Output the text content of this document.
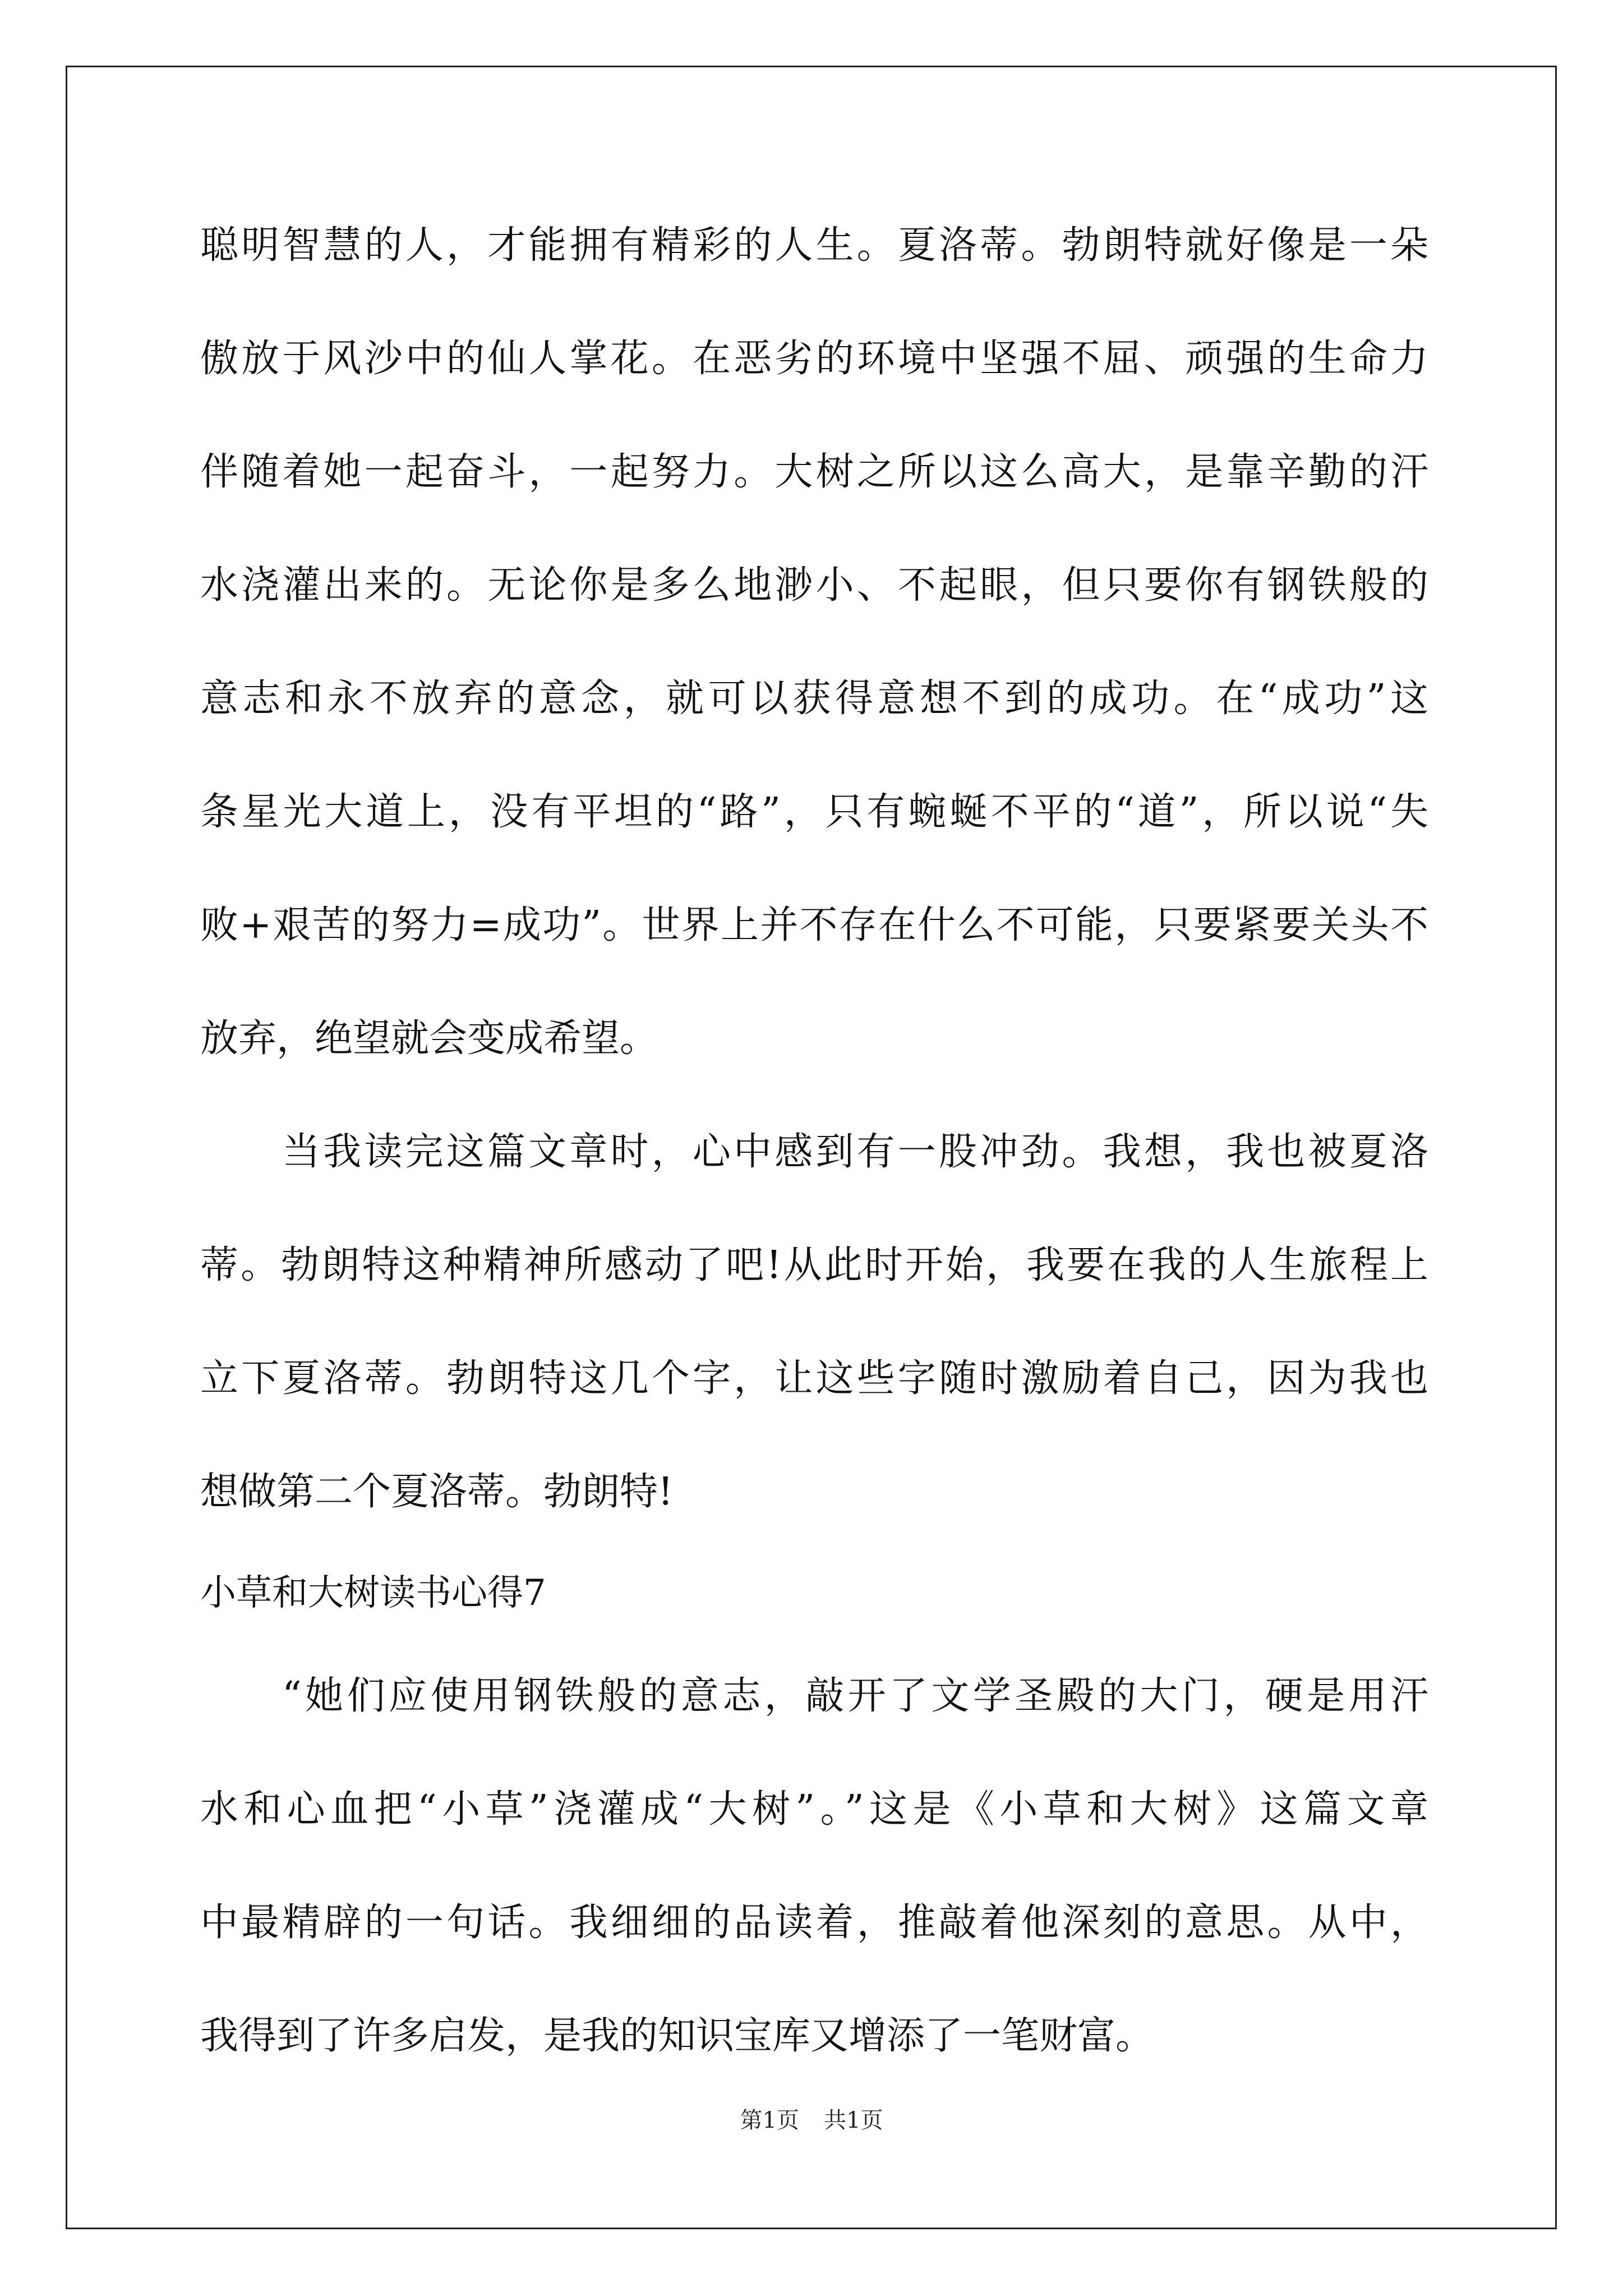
聪明智慧的人，才能拥有精彩的人生。夏洛蒂。勃朗特就好像是一朵
傲放于风沙中的仙人掌花。在恶劣的环境中坚强不屈、顽强的生命力
伴随着她一起奋斗，一起努力。大树之所以这么高大，是靠辛勤的汗
水浇灌出来的。无论你是多么地渺小、不起眼，但只要你有钢铁般的
意志和永不放弃的意念，就可以获得意想不到的成功。在“成功”这
条星光大道上，没有平坦的“路”，只有蜿蜒不平的“道”，所以说“失
败+艰苦的努力=成功”。世界上并不存在什么不可能，只要紧要关头不
放弃，绝望就会变成希望。
当我读完这篇文章时，心中感到有一股冲劲。我想，我也被夏洛
蒂。勃朗特这种精神所感动了吧!从此时开始，我要在我的人生旅程上
立下夏洛蒂。勃朗特这几个字，让这些字随时激励着自己，因为我也
想做第二个夏洛蒂。勃朗特!
小草和大树读书心得7
“她们应使用钢铁般的意志，敲开了文学圣殿的大门，硬是用汗
水和心血把“小草”浇灌成“大树”。”这是《小草和大树》这篇文章
中最精辟的一句话。我细细的品读着，推敲着他深刻的意思。从中，
我得到了许多启发，是我的知识宝库又增添了一笔财富。
第1页 共1页
